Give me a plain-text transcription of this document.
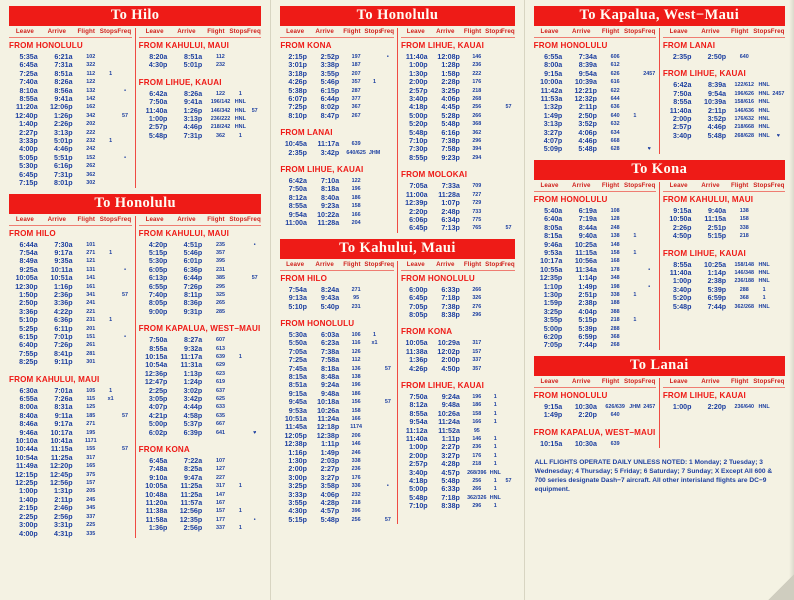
To Hilo
Leave	Arrive	Flight Stops Freq
FROM HONOLULU
5:35a	6:21a	102
6:45a	7:31a	322
7:25a	8:51a	112	1
7:40a	8:26a	122
8:10a	8:56a	132	•
8:55a	9:41a	142
11:20a	12:06p	162
12:40p	1:26p	342	57
1:40p	2:26p	202
2:27p	3:13p	222
3:33p	5:01p	232	1
4:00p	4:46p	242
5:05p	5:51p	152	•
5:30p	6:16p	262
6:45p	7:31p	362
7:15p	8:01p	302
Leave	Arrive	Flight Stops Freq
FROM KAHULUI, MAUI
8:20a	8:51a	112
4:30p	5:01p	232
FROM LIHUE, KAUAI
6:42a	8:26a	122	1
7:50a	9:41a	196/142 HNL
11:40a	1:26p	146/342 HNL	57
1:00p	3:13p	236/222 HNL
2:57p	4:46p	218/242 HNL
5:48p	7:31p	362	1
To Honolulu
Leave	Arrive	Flight Stops Freq
FROM HILO
6:44a	7:30a	101
7:54a	9:17a	271	1
8:49a	9:35a	121
9:25a	10:11a	131	•
10:05a	10:51a	141
12:30p	1:16p	161
1:50p	2:36p	341	57
2:50p	3:36p	241
3:36p	4:22p	221
5:10p	6:36p	231	1
5:25p	6:11p	201
6:15p	7:01p	151	•
6:40p	7:26p	261
7:55p	8:41p	281
8:25p	9:11p	301
FROM KAHULUI, MAUI
6:30a	7:01a	105	1
6:55a	7:26a	115	x1
8:00a	8:31a	125
8:40a	9:11a	185	57
8:46a	9:17a	271
9:46a	10:17a	195
10:10a	10:41a	1171
10:44a	11:15a	155	57
10:54a	11:25a	317
11:49a	12:20p	165
12:15p	12:45p	375
12:25p	12:56p	157
1:00p	1:31p	205
1:40p	2:11p	245
2:15p	2:46p	345
2:25p	2:56p	337
3:00p	3:31p	225
4:00p	4:31p	335
Leave	Arrive	Flight Stops Freq
FROM KAHULUI, MAUI
4:20p	4:51p	235	•
5:15p	5:46p	357
5:30p	6:01p	395
6:05p	6:36p	231
6:13p	6:44p	385	57
6:55p	7:26p	295
7:40p	8:11p	325
8:05p	8:36p	265
9:00p	9:31p	285
FROM KAPALUA, WEST−MAUI
7:50a	8:27a	607
8:55a	9:32a	613
10:15a	11:17a	639	1
10:54a	11:31a	629
12:36p	1:13p	623
12:47p	1:24p	619
2:25p	3:02p	637
3:05p	3:42p	625
4:07p	4:44p	633
4:21p	4:58p	635
5:00p	5:37p	667
6:02p	6:39p	641	♥
FROM KONA
6:45a	7:22a	107
7:48a	8:25a	127
9:10a	9:47a	227
10:05a	11:25a	317	1
10:48a	11:25a	147
11:20a	11:57a	167
11:38a	12:56p	157	1
11:58a	12:35p	177	•
1:36p	2:56p	337	1
To Honolulu
Leave	Arrive	Flight Stops
Freq
FROM KONA
2:15p	2:52p	197	•
3:01p	3:38p	187
3:18p	3:55p	207
4:26p	5:46p	357	1
5:38p	6:15p	287
6:07p	6:44p	377
7:25p	8:02p	367
8:10p	8:47p	267
FROM LANAI
10:45a	11:17a	639
2:35p	3:42p	640/625 JHM
FROM LIHUE, KAUAI
6:42a	7:10a	122
7:50a	8:18a	196
8:12a	8:40a	186
8:55a	9:23a	158
9:54a	10:22a	166
11:00a	11:28a	204
Leave	Arrive	Flight Stops
Freq
FROM LIHUE, KAUAI
11:40a	12:08p	146
1:00p	1:28p	236
1:30p	1:58p	222
2:00p	2:28p	176
2:57p	3:25p	218
3:40p	4:06p	268
4:18p	4:45p	256	57
5:00p	5:28p	266
5:20p	5:48p	368
5:48p	6:16p	362
7:10p	7:38p	296
7:30p	7:58p	394
8:55p	9:23p	294
FROM MOLOKAI
7:05a	7:33a	709
11:00a	11:28a	727
12:39p	1:07p	729
2:20p	2:48p	733
6:06p	6:34p	775
6:45p	7:13p	765	57
To Kahului, Maui
Leave	Arrive	Flight Stops
Freq
FROM HILO
7:54a	8:24a	271
9:13a	9:43a	95
5:10p	5:40p	231
FROM HONOLULU
5:30a	6:03a	106	1
5:50a	6:23a	116	x1
7:05a	7:38a	126
7:25a	7:58a	112
7:45a	8:18a	136	57
8:15a	8:48a	138
8:51a	9:24a	196
9:15a	9:48a	186
9:45a	10:18a	156	57
9:53a	10:26a	158
10:51a	11:24a	166
11:45a	12:18p	1174
12:05p	12:38p	206
12:38p	1:11p	146
1:16p	1:49p	246
1:30p	2:03p	338
2:00p	2:27p	236
3:00p	3:27p	176
3:25p	3:58p	336	•
3:33p	4:06p	232
3:55p	4:28p	218
4:30p	4:57p	396
5:15p	5:48p	256	57
Leave	Arrive	Flight Stops
Freq
FROM HONOLULU
6:00p	6:33p	266
6:45p	7:18p	326
7:05p	7:38p	276
8:05p	8:38p	296
FROM KONA
10:05a	10:29a	317
11:38a	12:02p	157
1:36p	2:00p	337
4:26p	4:50p	357
FROM LIHUE, KAUAI
7:50a	9:24a	196	1
8:12a	9:48a	186	1
8:55a	10:26a	158	1
9:54a	11:24a	166	1
11:12a	11:52a	95
11:40a	1:11p	146	1
1:00p	2:27p	236	1
2:00p	3:27p	176	1
2:57p	4:28p	218	1
3:40p	4:57p	268/396 HNL
4:18p	5:48p	256	1	57
5:00p	6:33p	266	1
5:48p	7:18p	362/326 HNL
7:10p	8:38p	296	1
To Kapalua, West−Maui
Leave	Arrive	Flight Stops Freq
FROM HONOLULU
6:55a	7:34a	606
8:00a	8:39a	612
9:15a	9:54a	626	2457
10:00a	10:39a	616
11:42a	12:21p	622
11:53a	12:32p	644
1:32p	2:11p	636
1:49p	2:50p	640	1
3:13p	3:52p	632
3:27p	4:06p	634
4:07p	4:46p	668
5:09p	5:48p	628	♥
Leave	Arrive	Flight Stops Freq
FROM LANAI
2:35p	2:50p	640
FROM LIHUE, KAUAI
6:42a	8:39a	122/612 HNL
7:50a	9:54a	196/626 HNL 2457
8:55a	10:39a	158/616 HNL
11:40a	2:11p	146/636 HNL
2:00p	3:52p	176/632 HNL
2:57p	4:46p	218/668 HNL
3:40p	5:48p	268/628 HNL	♥
To Kona
Leave	Arrive	Flight Stops Freq
FROM HONOLULU
5:40a	6:19a	108
6:40a	7:19a	128
8:05a	8:44a	248
8:15a	9:40a	138	1
9:46a	10:25a	148
9:53a	11:15a	158	1
10:17a	10:56a	168
10:55a	11:34a	178	•
12:35p	1:14p	348
1:10p	1:49p	198	•
1:30p	2:51p	338	1
1:59p	2:38p	188
3:25p	4:04p	388
3:55p	5:15p	218	1
5:00p	5:39p	288
6:20p	6:59p	368
7:05p	7:44p	268
Leave	Arrive	Flight Stops Freq
FROM KAHULUI, MAUI
9:15a	9:40a	138
10:50a	11:15a	158
2:26p	2:51p	338
4:50p	5:15p	218
FROM LIHUE, KAUAI
8:55a	10:25a	158/148 HNL
11:40a	1:14p	146/348 HNL
1:00p	2:38p	236/188 HNL
3:40p	5:39p	288	1
5:20p	6:59p	368	1
5:48p	7:44p	362/268 HNL
To Lanai
Leave	Arrive	Flight Stops Freq
FROM HONOLULU
9:15a	10:30a	626/639 JHM 2457
1:49p	2:20p	640
FROM KAPALUA, WEST−MAUI
10:15a	10:30a	639
Leave	Arrive	Flight Stops Freq
FROM LIHUE, KAUAI
1:00p	2:20p	236/640 HNL
ALL FLIGHTS OPERATE DAILY UNLESS NOTED: 1 Monday; 2 Tuesday; 3 Wednesday; 4 Thursday; 5 Friday; 6 Saturday; 7 Sunday; X Except All 600 & 700 series designate Dash−7 aircraft. All other interisland flights are DC−9 equipment.
